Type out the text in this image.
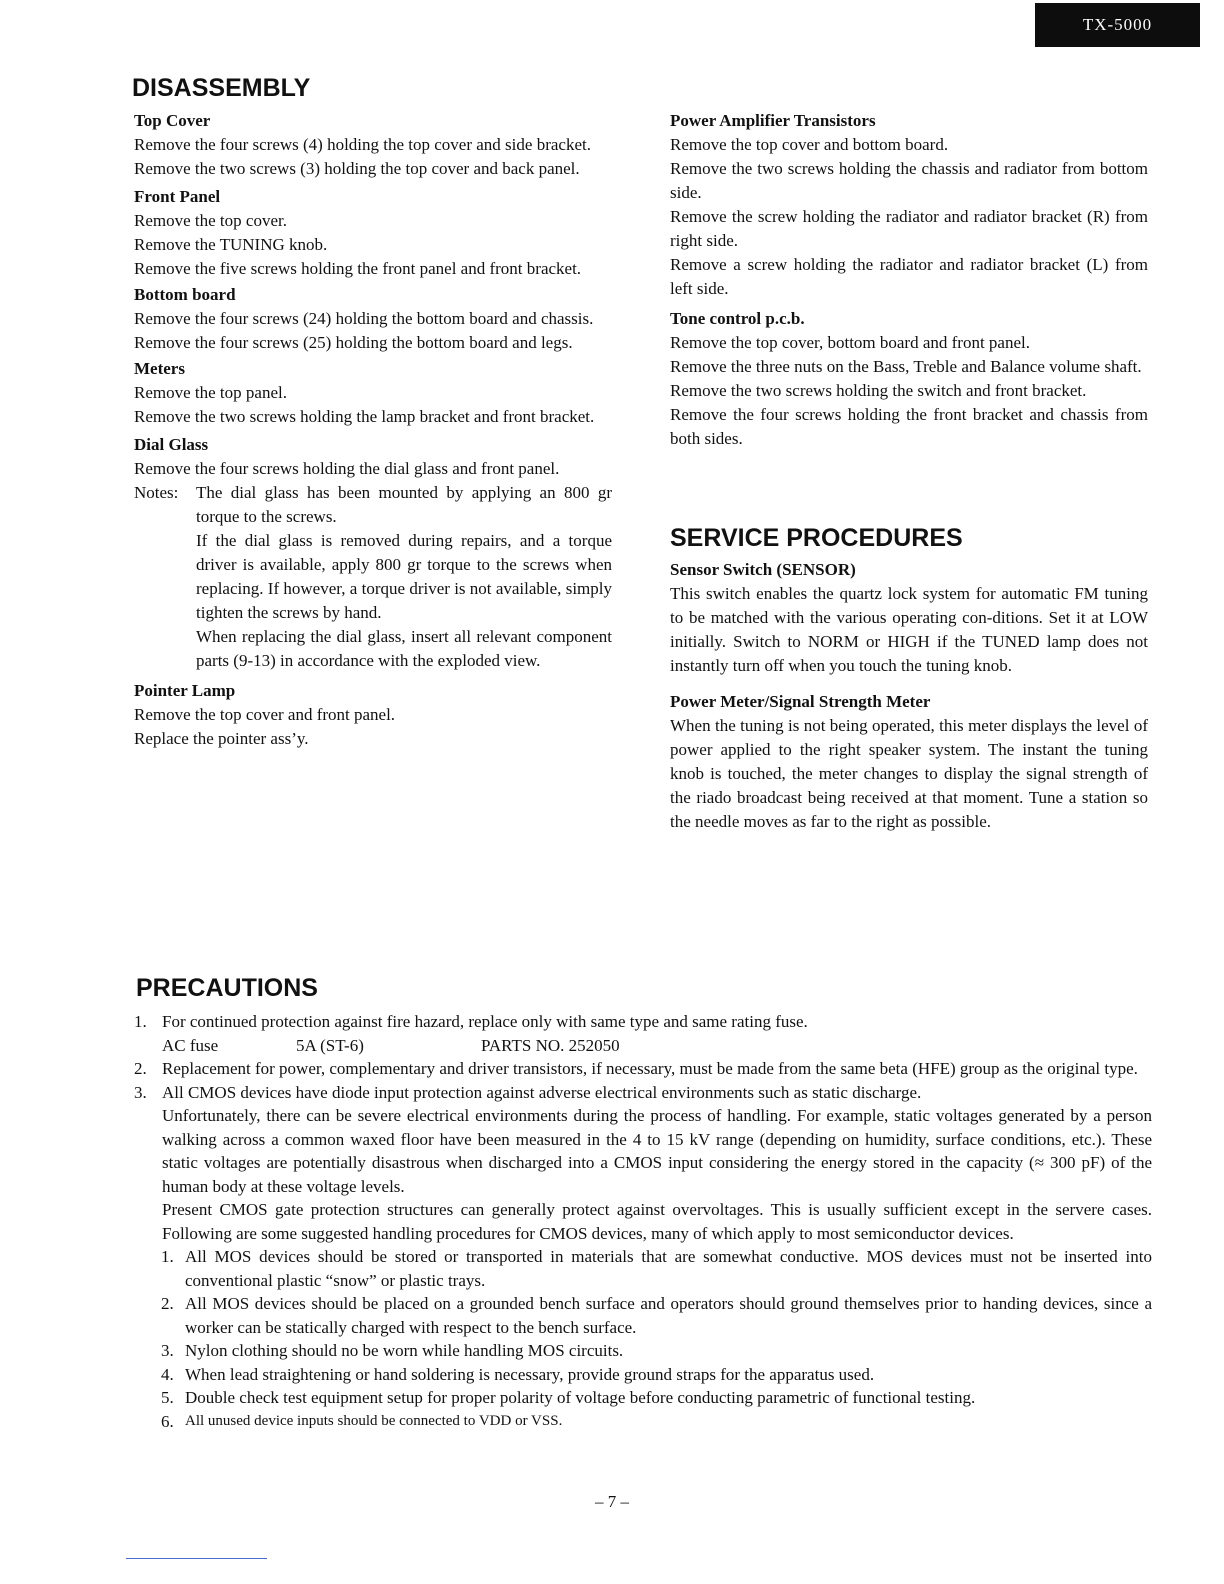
TX-5000
DISASSEMBLY

Top Cover

Remove the four screws (4) holding the top cover and side bracket.

Remove the two screws (3) holding the top cover and back panel.

Front Panel

Remove the top cover.

Remove the TUNING knob.

Remove the five screws holding the front panel and front bracket.

Bottom board

Remove the four screws (24) holding the bottom board and chassis.

Remove the four screws (25) holding the bottom board and legs.

Meters

Remove the top panel.

Remove the two screws holding the lamp bracket and front bracket.

Dial Glass

Remove the four screws holding the dial glass and front panel.

Notes:	The dial glass has been mounted by applying an 800 gr torque to the screws.

If the dial glass is removed during repairs, and a torque driver is available, apply 800 gr torque to the screws when replacing. If however, a torque driver is not available, simply tighten the screws by hand.

When replacing the dial glass, insert all relevant component parts (9-13) in accordance with the exploded view.

Pointer Lamp

Remove the top cover and front panel.

Replace the pointer ass’y.

Power Amplifier Transistors

Remove the top cover and bottom board.

Remove the two screws holding the chassis and radiator from bottom side.

Remove the screw holding the radiator and radiator bracket (R) from right side.

Remove a screw holding the radiator and radiator bracket (L) from left side.

Tone control p.c.b.

Remove the top cover, bottom board and front panel.

Remove the three nuts on the Bass, Treble and Balance volume shaft.

Remove the two screws holding the switch and front bracket.

Remove the four screws holding the front bracket and chassis from both sides.

SERVICE PROCEDURES

Sensor Switch (SENSOR)

This switch enables the quartz lock system for automatic FM tuning to be matched with the various operating con-ditions. Set it at LOW initially. Switch to NORM or HIGH if the TUNED lamp does not instantly turn off when you touch the tuning knob.

Power Meter/Signal Strength Meter

When the tuning is not being operated, this meter displays the level of power applied to the right speaker system. The instant the tuning knob is touched, the meter changes to display the signal strength of the riado broadcast being received at that moment. Tune a station so the needle moves as far to the right as possible.

PRECAUTIONS
1. For continued protection against fire hazard, replace only with same type and same rating fuse.
AC fuse	5A (ST-6)	PARTS NO. 252050
2. Replacement for power, complementary and driver transistors, if necessary, must be made from the same beta (HFE) group as the original type.
3. All CMOS devices have diode input protection against adverse electrical environments such as static discharge.
Unfortunately, there can be severe electrical environments during the process of handling. For example, static voltages generated by a person walking across a common waxed floor have been measured in the 4 to 15 kV range (depending on humidity, surface conditions, etc.). These static voltages are potentially disastrous when discharged into a CMOS input considering the energy stored in the capacity (≈ 300 pF) of the human body at these voltage levels.
Present CMOS gate protection structures can generally protect against overvoltages. This is usually sufficient except in the servere cases. Following are some suggested handling procedures for CMOS devices, many of which apply to most semiconductor devices.
1. All MOS devices should be stored or transported in materials that are somewhat conductive. MOS devices must not be inserted into conventional plastic “snow” or plastic trays.
2. All MOS devices should be placed on a grounded bench surface and operators should ground themselves prior to handing devices, since a worker can be statically charged with respect to the bench surface.
3. Nylon clothing should no be worn while handling MOS circuits.
4. When lead straightening or hand soldering is necessary, provide ground straps for the apparatus used.
5. Double check test equipment setup for proper polarity of voltage before conducting parametric of functional testing.
6. All unused device inputs should be connected to VDD or VSS.
– 7 –
